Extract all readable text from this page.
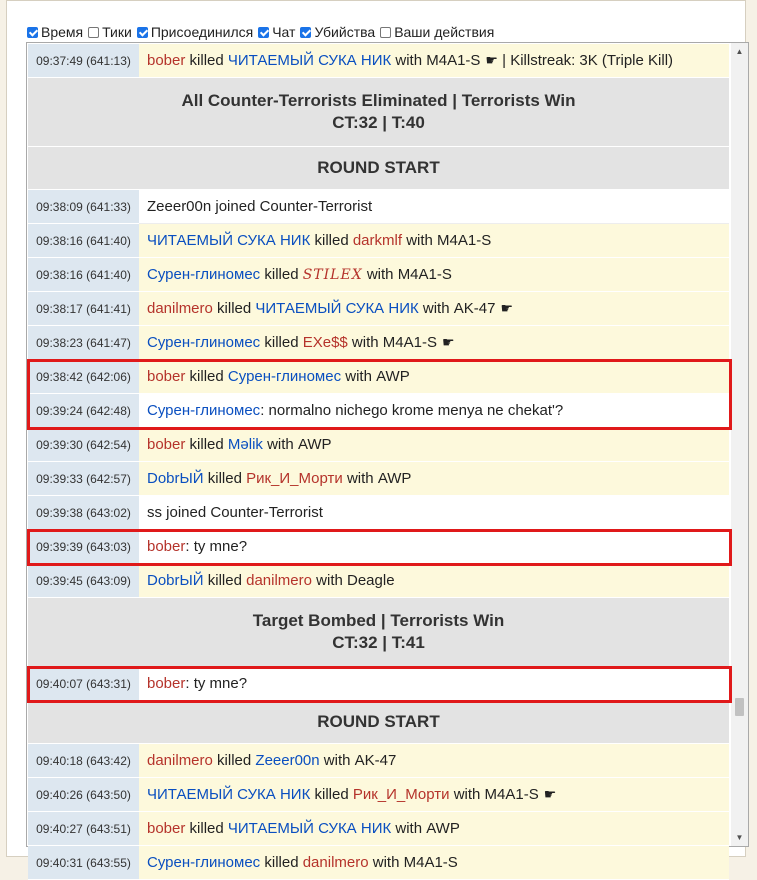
Время Тики Присоединился Чат Убийства Ваши действия
09:37:49 (641:13)	bober killed ЧИТАЕМЫЙ СУКА НИК with M4A1-S ☛ | Killstreak: 3K (Triple Kill)
All Counter-Terrorists Eliminated | Terrorists Win
CT:32 | T:40
ROUND START
09:38:09 (641:33)	Zeeer00n joined Counter-Terrorist
09:38:16 (641:40)	ЧИТАЕМЫЙ СУКА НИК killed darkmlf with M4A1-S
09:38:16 (641:40)	Сурен-глиномес killed STILEX with M4A1-S
09:38:17 (641:41)	danilmero killed ЧИТАЕМЫЙ СУКА НИК with AK-47 ☛
09:38:23 (641:47)	Сурен-глиномес killed EXe$$ with M4A1-S ☛
09:38:42 (642:06)	bober killed Сурен-глиномес with AWP
09:39:24 (642:48)	Сурен-глиномес : normalno nichego krome menya ne chekat'?
09:39:30 (642:54)	bober killed Məlik with AWP
09:39:33 (642:57)	DobrЫЙ killed Рик_И_Морти with AWP
09:39:38 (643:02)	ss joined Counter-Terrorist
09:39:39 (643:03)	bober : ty mne?
09:39:45 (643:09)	DobrЫЙ killed danilmero with Deagle
Target Bombed | Terrorists Win
CT:32 | T:41
09:40:07 (643:31)	bober : ty mne?
ROUND START
09:40:18 (643:42)	danilmero killed Zeeer00n with AK-47
09:40:26 (643:50)	ЧИТАЕМЫЙ СУКА НИК killed Рик_И_Морти with M4A1-S ☛
09:40:27 (643:51)	bober killed ЧИТАЕМЫЙ СУКА НИК with AWP
09:40:31 (643:55)	Сурен-глиномес killed danilmero with M4A1-S
▲
▼
